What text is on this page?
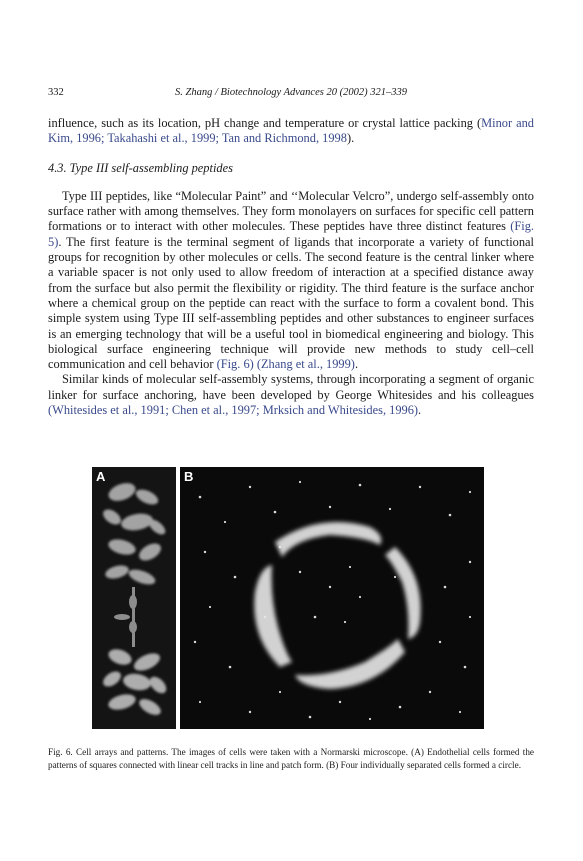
332	S. Zhang / Biotechnology Advances 20 (2002) 321–339

influence, such as its location, pH change and temperature or crystal lattice packing (Minor and Kim, 1996; Takahashi et al., 1999; Tan and Richmond, 1998).

4.3. Type III self-assembling peptides

Type III peptides, like “Molecular Paint” and ‘‘Molecular Velcro”, undergo self-assembly onto surface rather with among themselves. They form monolayers on surfaces for specific cell pattern formations or to interact with other molecules. These peptides have three distinct features (Fig. 5). The first feature is the terminal segment of ligands that incorporate a variety of functional groups for recognition by other molecules or cells. The second feature is the central linker where a variable spacer is not only used to allow freedom of interaction at a specified distance away from the surface but also permit the flexibility or rigidity. The third feature is the surface anchor where a chemical group on the peptide can react with the surface to form a covalent bond. This simple system using Type III self-assembling peptides and other substances to engineer surfaces is an emerging technology that will be a useful tool in biomedical engineering and biology. This biological surface engineering technique will provide new methods to study cell–cell communication and cell behavior (Fig. 6) (Zhang et al., 1999).

Similar kinds of molecular self-assembly systems, through incorporating a segment of organic linker for surface anchoring, have been developed by George Whitesides and his colleagues (Whitesides et al., 1991; Chen et al., 1997; Mrksich and Whitesides, 1996).

A	B
Fig. 6. Cell arrays and patterns. The images of cells were taken with a Normarski microscope. (A) Endothelial cells formed the patterns of squares connected with linear cell tracks in line and patch form. (B) Four individually separated cells formed a circle.
